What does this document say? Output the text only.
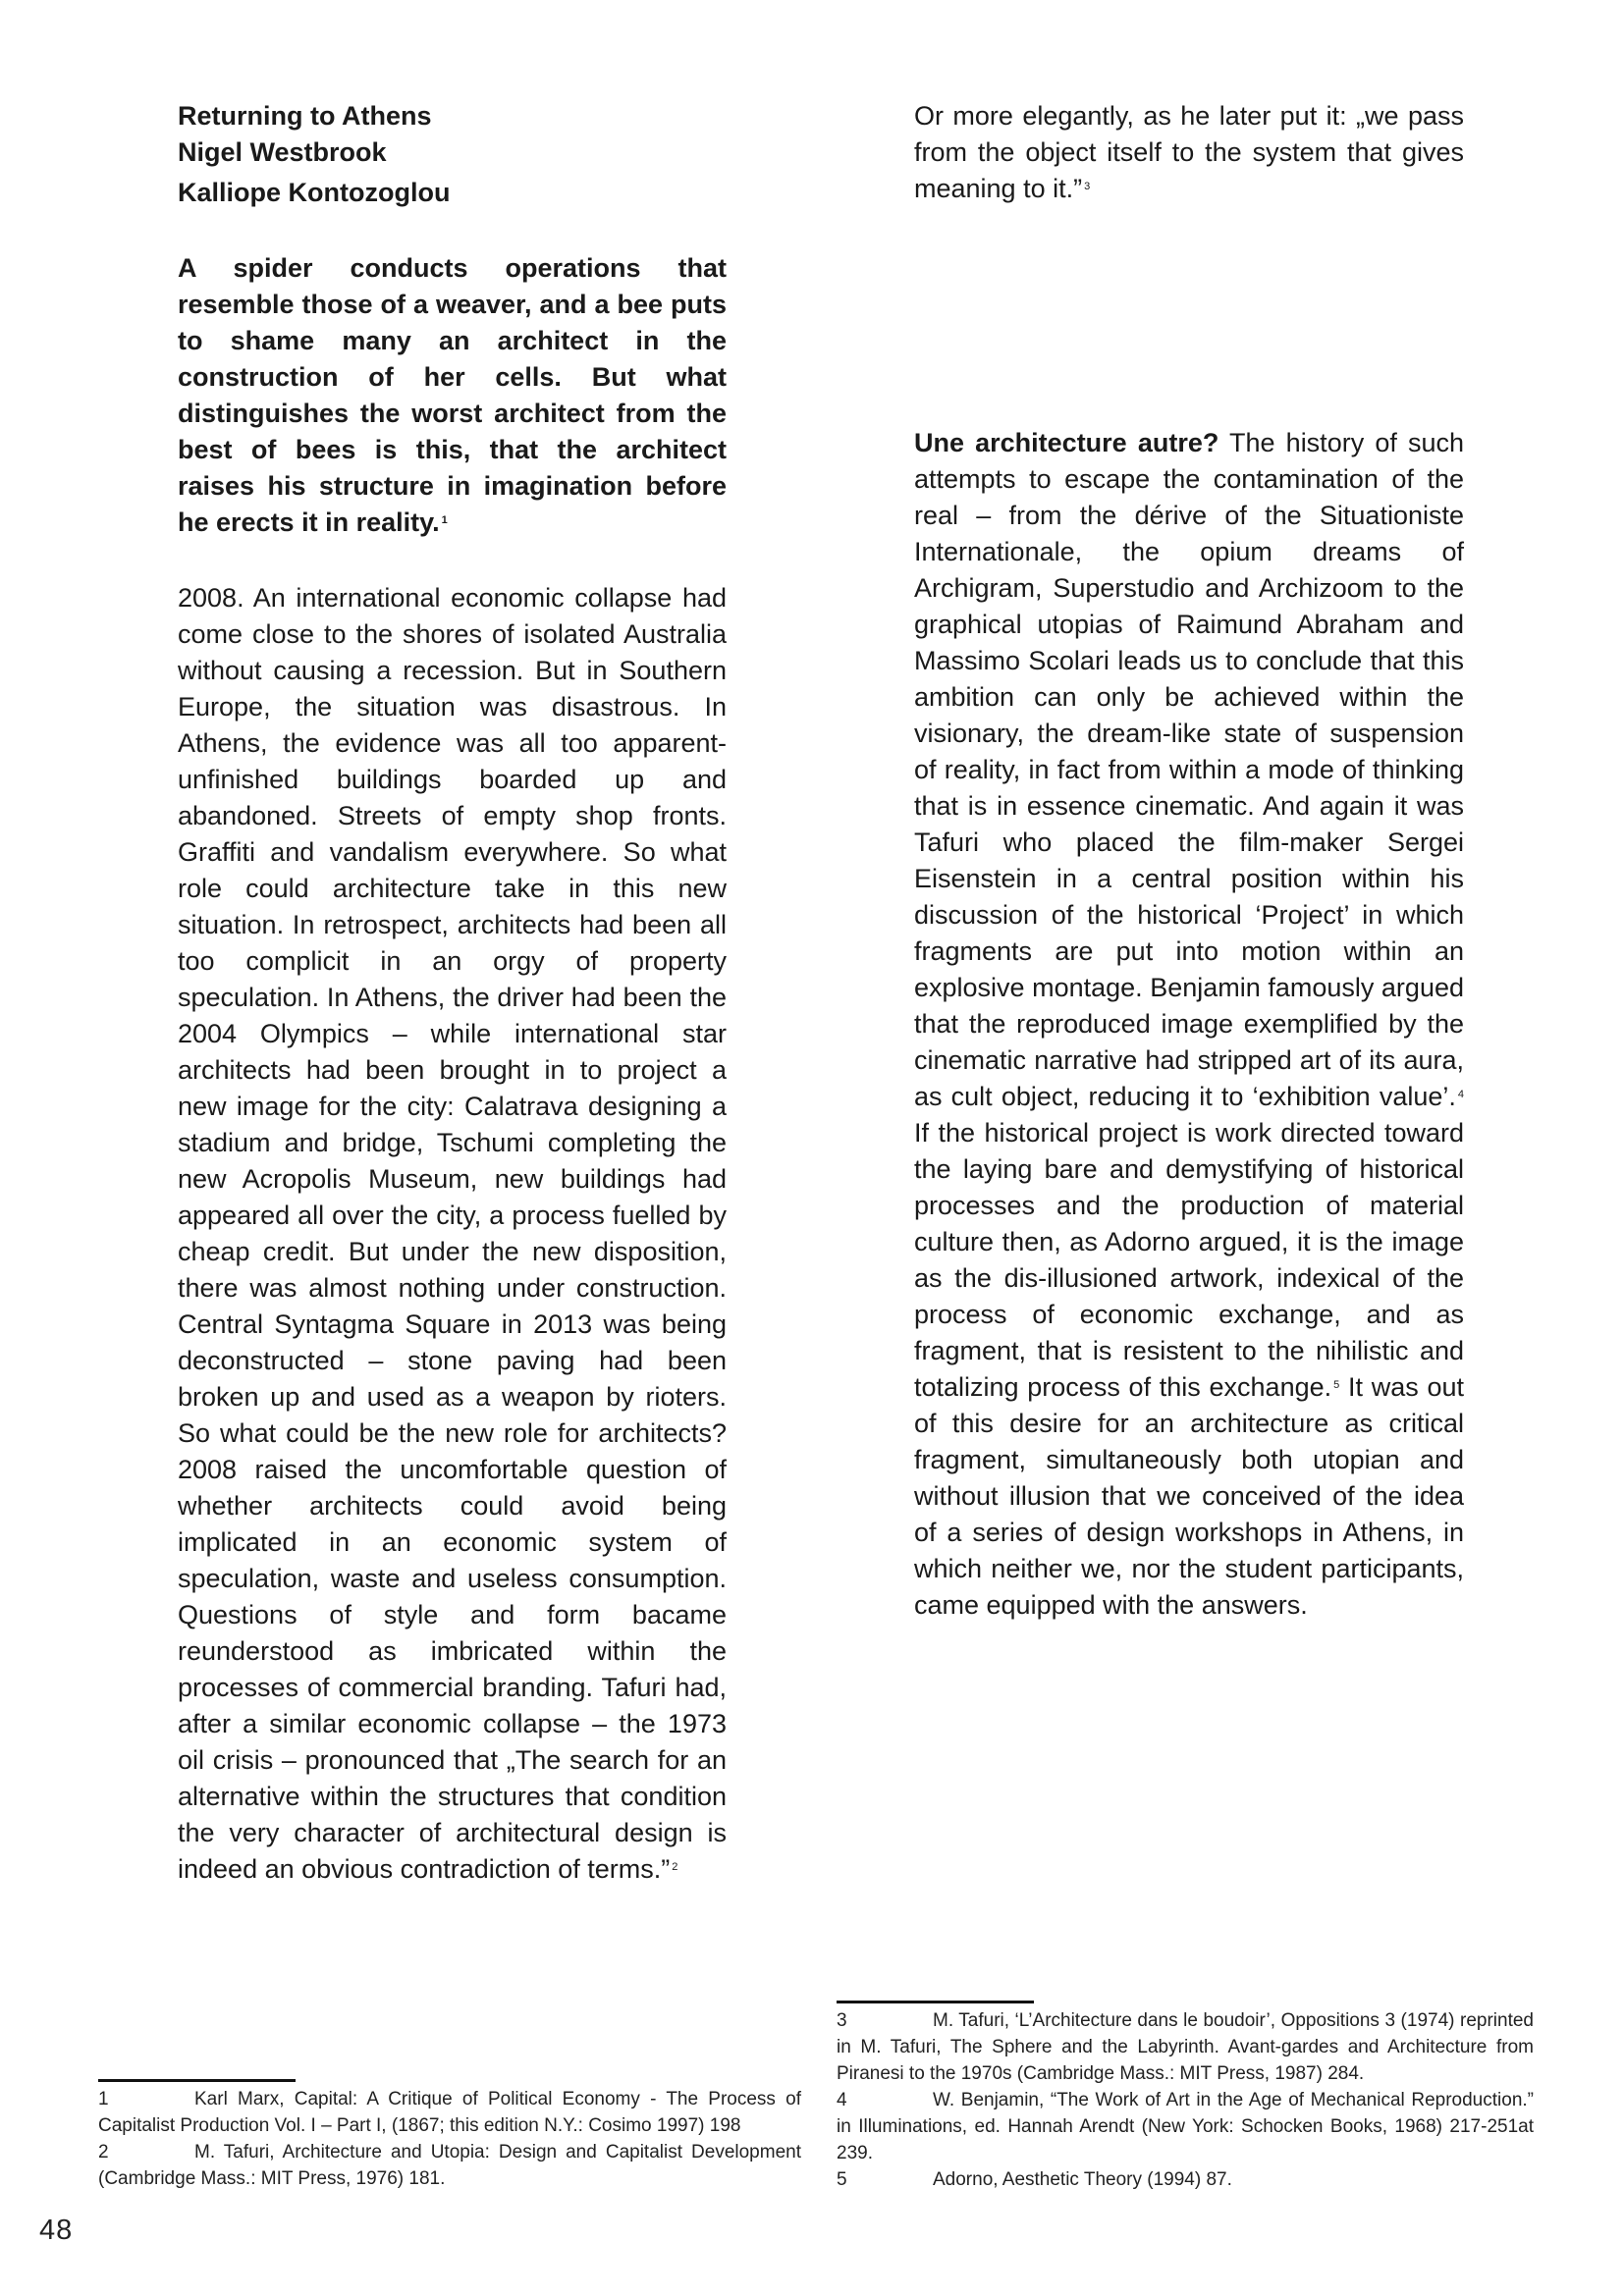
Returning to Athens
Nigel Westbrook
Kalliope Kontozoglou

A spider conducts operations that resemble those of a weaver, and a bee puts to shame many an architect in the construction of her cells. But what distinguishes the worst architect from the best of bees is this, that the architect raises his structure in imagination before he erects it in reality. $^1$

2008. An international economic collapse had come close to the shores of isolated Australia without causing a recession. But in Southern Europe, the situation was disastrous. In Athens, the evidence was all too apparent- unfinished buildings boarded up and abandoned. Streets of empty shop fronts. Graffiti and vandalism everywhere. So what role could architecture take in this new situation. In retrospect, architects had been all too complicit in an orgy of property speculation. In Athens, the driver had been the 2004 Olympics – while international star architects had been brought in to project a new image for the city: Calatrava designing a stadium and bridge, Tschumi completing the new Acropolis Museum, new buildings had appeared all over the city, a process fuelled by cheap credit. But under the new disposition, there was almost nothing under construction. Central Syntagma Square in 2013 was being deconstructed – stone paving had been broken up and used as a weapon by rioters. So what could be the new role for architects? 2008 raised the uncomfortable question of whether architects could avoid being implicated in an economic system of speculation, waste and useless consumption. Questions of style and form bacame reunderstood as imbricated within the processes of commercial branding. Tafuri had, after a similar economic collapse – the 1973 oil crisis – pronounced that „The search for an alternative within the structures that condition the very character of architectural design is indeed an obvious contradiction of terms.” $^2$

Or more elegantly, as he later put it: „we pass from the object itself to the system that gives meaning to it.” $^3$

Une architecture autre? The history of such attempts to escape the contamination of the real – from the dérive of the Situationiste Internationale, the opium dreams of Archigram, Superstudio and Archizoom to the graphical utopias of Raimund Abraham and Massimo Scolari leads us to conclude that this ambition can only be achieved within the visionary, the dream-like state of suspension of reality, in fact from within a mode of thinking that is in essence cinematic. And again it was Tafuri who placed the film-maker Sergei Eisenstein in a central position within his discussion of the historical ‘Project’ in which fragments are put into motion within an explosive montage. Benjamin famously argued that the reproduced image exemplified by the cinematic narrative had stripped art of its aura, as cult object, reducing it to ‘exhibition value’. $^4$ If the historical project is work directed toward the laying bare and demystifying of historical processes and the production of material culture then, as Adorno argued, it is the image as the dis-illusioned artwork, indexical of the process of economic exchange, and as fragment, that is resistent to the nihilistic and totalizing process of this exchange. $^5$ It was out of this desire for an architecture as critical fragment, simultaneously both utopian and without illusion that we conceived of the idea of a series of design workshops in Athens, in which neither we, nor the student participants, came equipped with the answers.

1	Karl Marx, Capital: A Critique of Political Economy - The Process of Capitalist Production Vol. I – Part I, (1867; this edition N.Y.: Cosimo 1997) 198
2	M. Tafuri, Architecture and Utopia: Design and Capitalist Development (Cambridge Mass.: MIT Press, 1976) 181.
3	M. Tafuri, ‘L’Architecture dans le boudoir’, Oppositions 3 (1974) reprinted in M. Tafuri, The Sphere and the Labyrinth. Avant-gardes and Architecture from Piranesi to the 1970s (Cambridge Mass.: MIT Press, 1987) 284.
4	W. Benjamin, “The Work of Art in the Age of Mechanical Reproduction.” in Illuminations, ed. Hannah Arendt (New York: Schocken Books, 1968) 217-251at 239.
5	Adorno, Aesthetic Theory (1994) 87.
48
